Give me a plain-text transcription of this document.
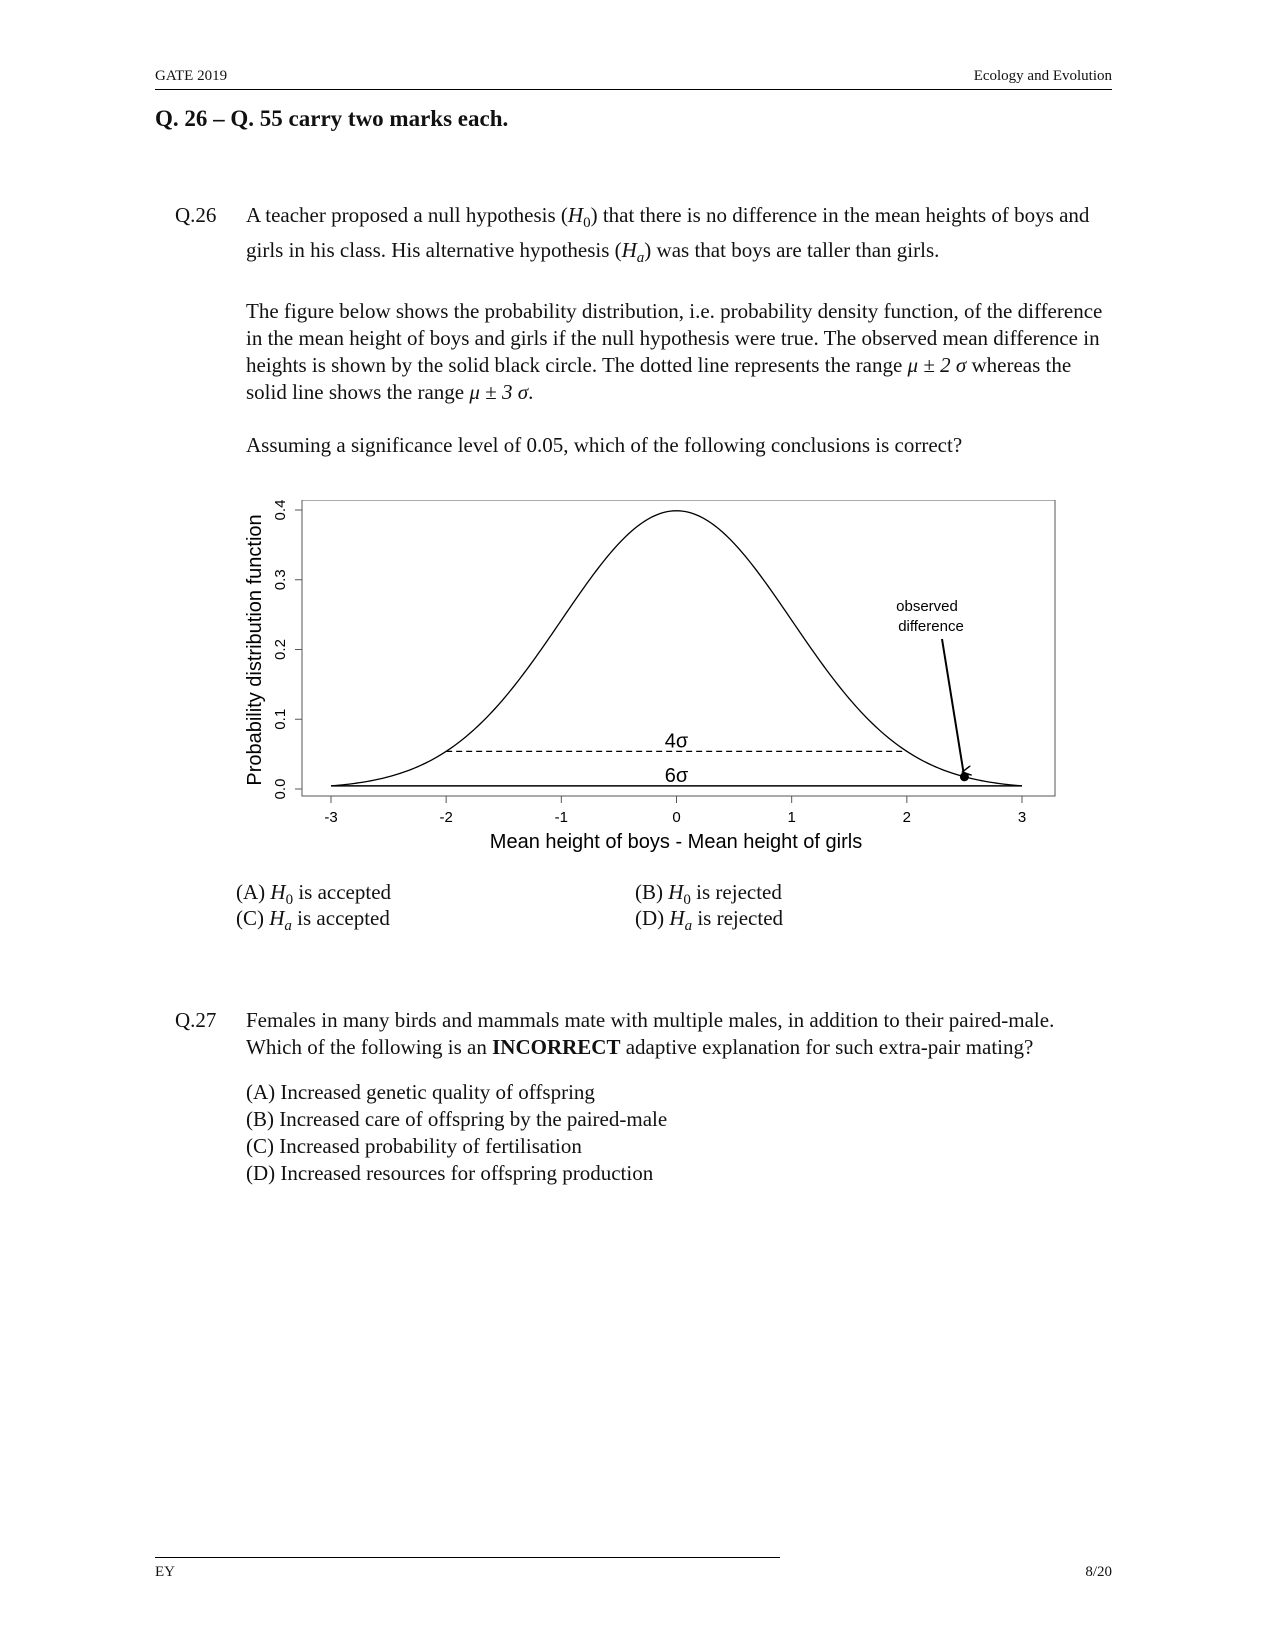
GATE 2019	Ecology and Evolution
Q. 26 – Q. 55 carry two marks each.
Q.26 A teacher proposed a null hypothesis $(H_0)$ that there is no difference in the mean heights of boys and girls in his class. His alternative hypothesis $(H_a)$ was that boys are taller than girls.

The figure below shows the probability distribution, i.e. probability density function, of the difference in the mean height of boys and girls if the null hypothesis were true. The observed mean difference in heights is shown by the solid black circle. The dotted line represents the range μ ± 2 σ whereas the solid line shows the range μ ± 3 σ.

Assuming a significance level of 0.05, which of the following conclusions is correct?

-3	-2	-1	0	1	2	3
0.0
0.1
0.2
0.3
0.4
4σ
6σ
observed
difference
Mean height of boys - Mean height of girls
Probability distribution function
(A) $H_0$ is accepted	(B) $H_0$ is rejected
(C) $H_a$ is accepted	(D) $H_a$ is rejected
Q.27 Females in many birds and mammals mate with multiple males, in addition to their paired-male. Which of the following is an INCORRECT adaptive explanation for such extra-pair mating?

(A) Increased genetic quality of offspring
(B) Increased care of offspring by the paired-male
(C) Increased probability of fertilisation
(D) Increased resources for offspring production
EY	8/20
